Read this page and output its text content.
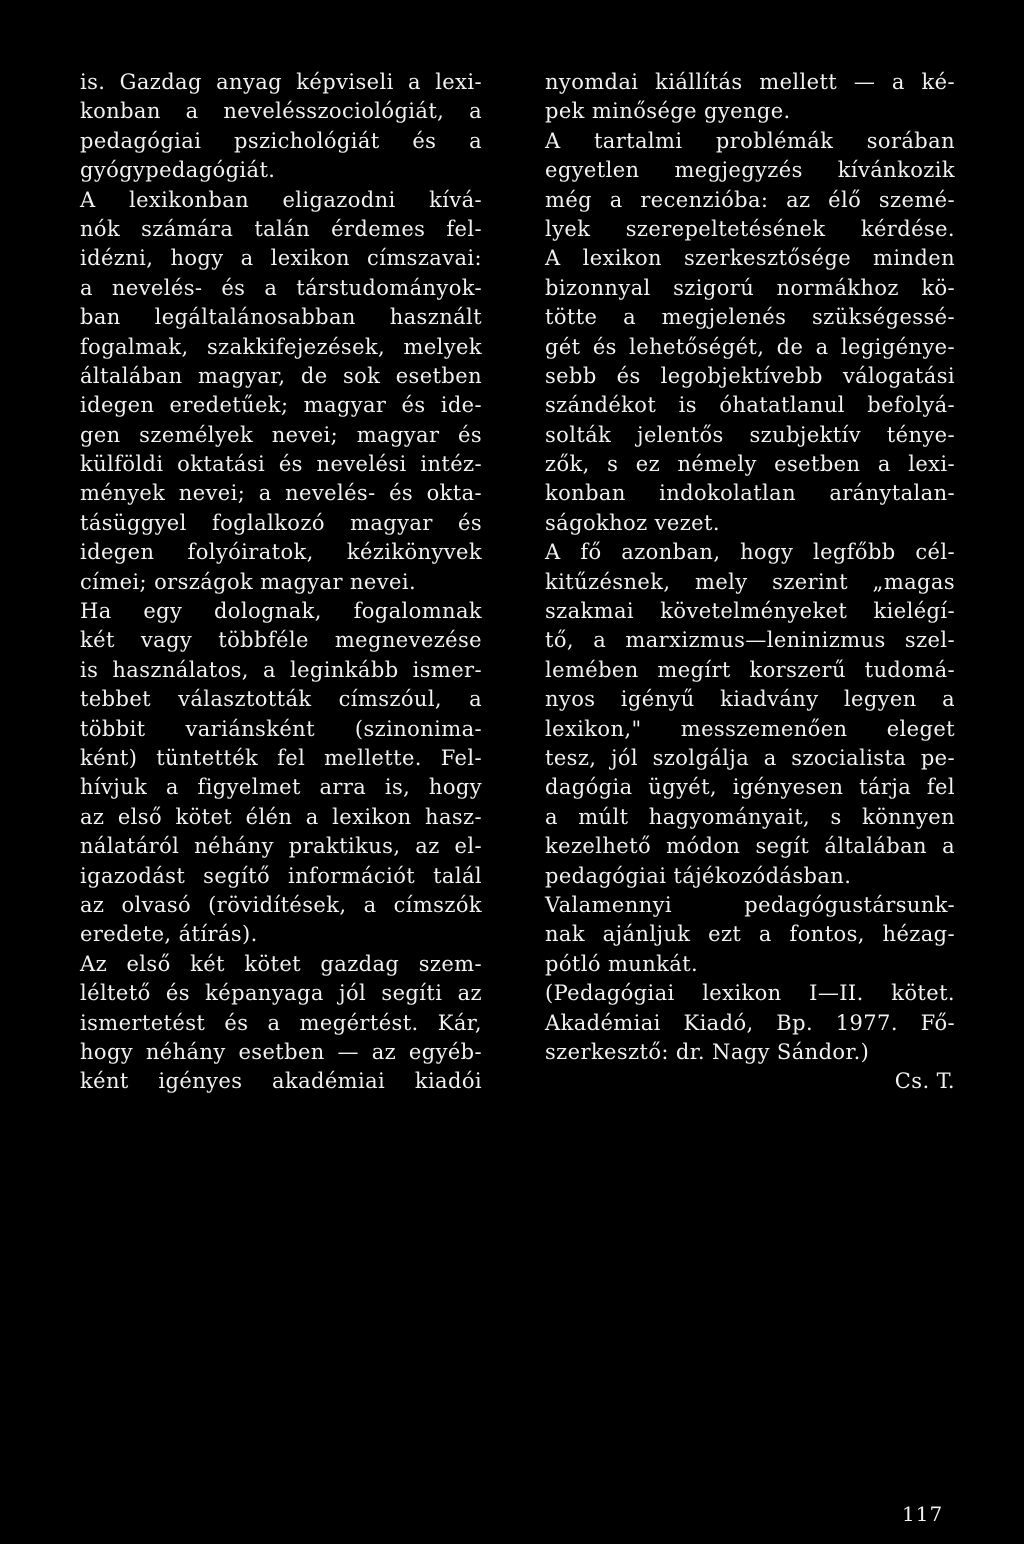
is. Gazdag anyag képviseli a lexi-
konban a nevelésszociológiát, a
pedagógiai pszichológiát és a
gyógypedagógiát.
A lexikonban eligazodni kívá-
nók számára talán érdemes fel-
idézni, hogy a lexikon címszavai:
a nevelés- és a társtudományok-
ban legáltalánosabban használt
fogalmak, szakkifejezések, melyek
általában magyar, de sok esetben
idegen eredetűek; magyar és ide-
gen személyek nevei; magyar és
külföldi oktatási és nevelési intéz-
mények nevei; a nevelés- és okta-
tásüggyel foglalkozó magyar és
idegen folyóiratok, kézikönyvek
címei; országok magyar nevei.
Ha egy dolognak, fogalomnak
két vagy többféle megnevezése
is használatos, a leginkább ismer-
tebbet választották címszóul, a
többit variánsként (szinonima-
ként) tüntették fel mellette. Fel-
hívjuk a figyelmet arra is, hogy
az első kötet élén a lexikon hasz-
nálatáról néhány praktikus, az el-
igazodást segítő információt talál
az olvasó (rövidítések, a címszók
eredete, átírás).
Az első két kötet gazdag szem-
léltető és képanyaga jól segíti az
ismertetést és a megértést. Kár,
hogy néhány esetben — az egyéb-
ként igényes akadémiai kiadói
nyomdai kiállítás mellett — a ké-
pek minősége gyenge.
A tartalmi problémák sorában
egyetlen megjegyzés kívánkozik
még a recenzióba: az élő szemé-
lyek szerepeltetésének kérdése.
A lexikon szerkesztősége minden
bizonnyal szigorú normákhoz kö-
tötte a megjelenés szükségessé-
gét és lehetőségét, de a legigénye-
sebb és legobjektívebb válogatási
szándékot is óhatatlanul befolyá-
solták jelentős szubjektív ténye-
zők, s ez némely esetben a lexi-
konban indokolatlan aránytalan-
ságokhoz vezet.
A fő azonban, hogy legfőbb cél-
kitűzésnek, mely szerint „magas
szakmai követelményeket kielégí-
tő, a marxizmus—leninizmus szel-
lemében megírt korszerű tudomá-
nyos igényű kiadvány legyen a
lexikon," messzemenően eleget
tesz, jól szolgálja a szocialista pe-
dagógia ügyét, igényesen tárja fel
a múlt hagyományait, s könnyen
kezelhető módon segít általában a
pedagógiai tájékozódásban.
Valamennyi pedagógustársunk-
nak ajánljuk ezt a fontos, hézag-
pótló munkát.
(Pedagógiai lexikon I—II. kötet.
Akadémiai Kiadó, Bp. 1977. Fő-
szerkesztő: dr. Nagy Sándor.)
Cs. T.
117
